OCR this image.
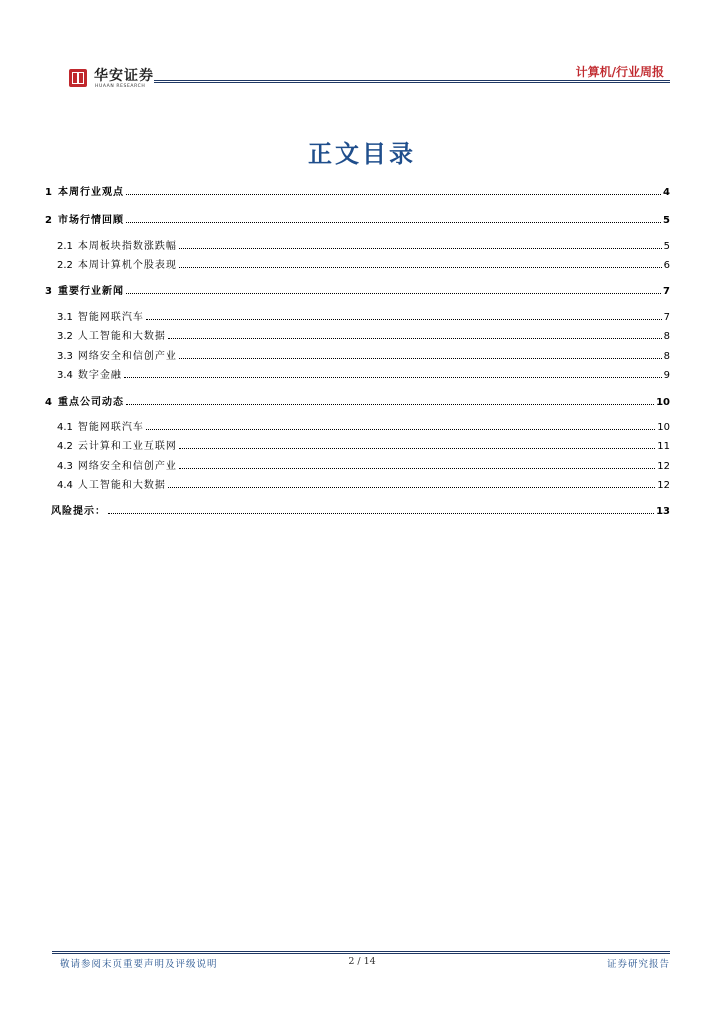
华安证券
HUAAN RESEARCH
计算机/行业周报
正文目录
1 本周行业观点	4
2 市场行情回顾	5
2.1 本周板块指数涨跌幅	5
2.2 本周计算机个股表现	6
3 重要行业新闻	7
3.1 智能网联汽车	7
3.2 人工智能和大数据	8
3.3 网络安全和信创产业	8
3.4 数字金融	9
4 重点公司动态	10
4.1 智能网联汽车	10
4.2 云计算和工业互联网	11
4.3 网络安全和信创产业	12
4.4 人工智能和大数据	12
风险提示：	13
敬请参阅末页重要声明及评级说明	2 / 14	证券研究报告
